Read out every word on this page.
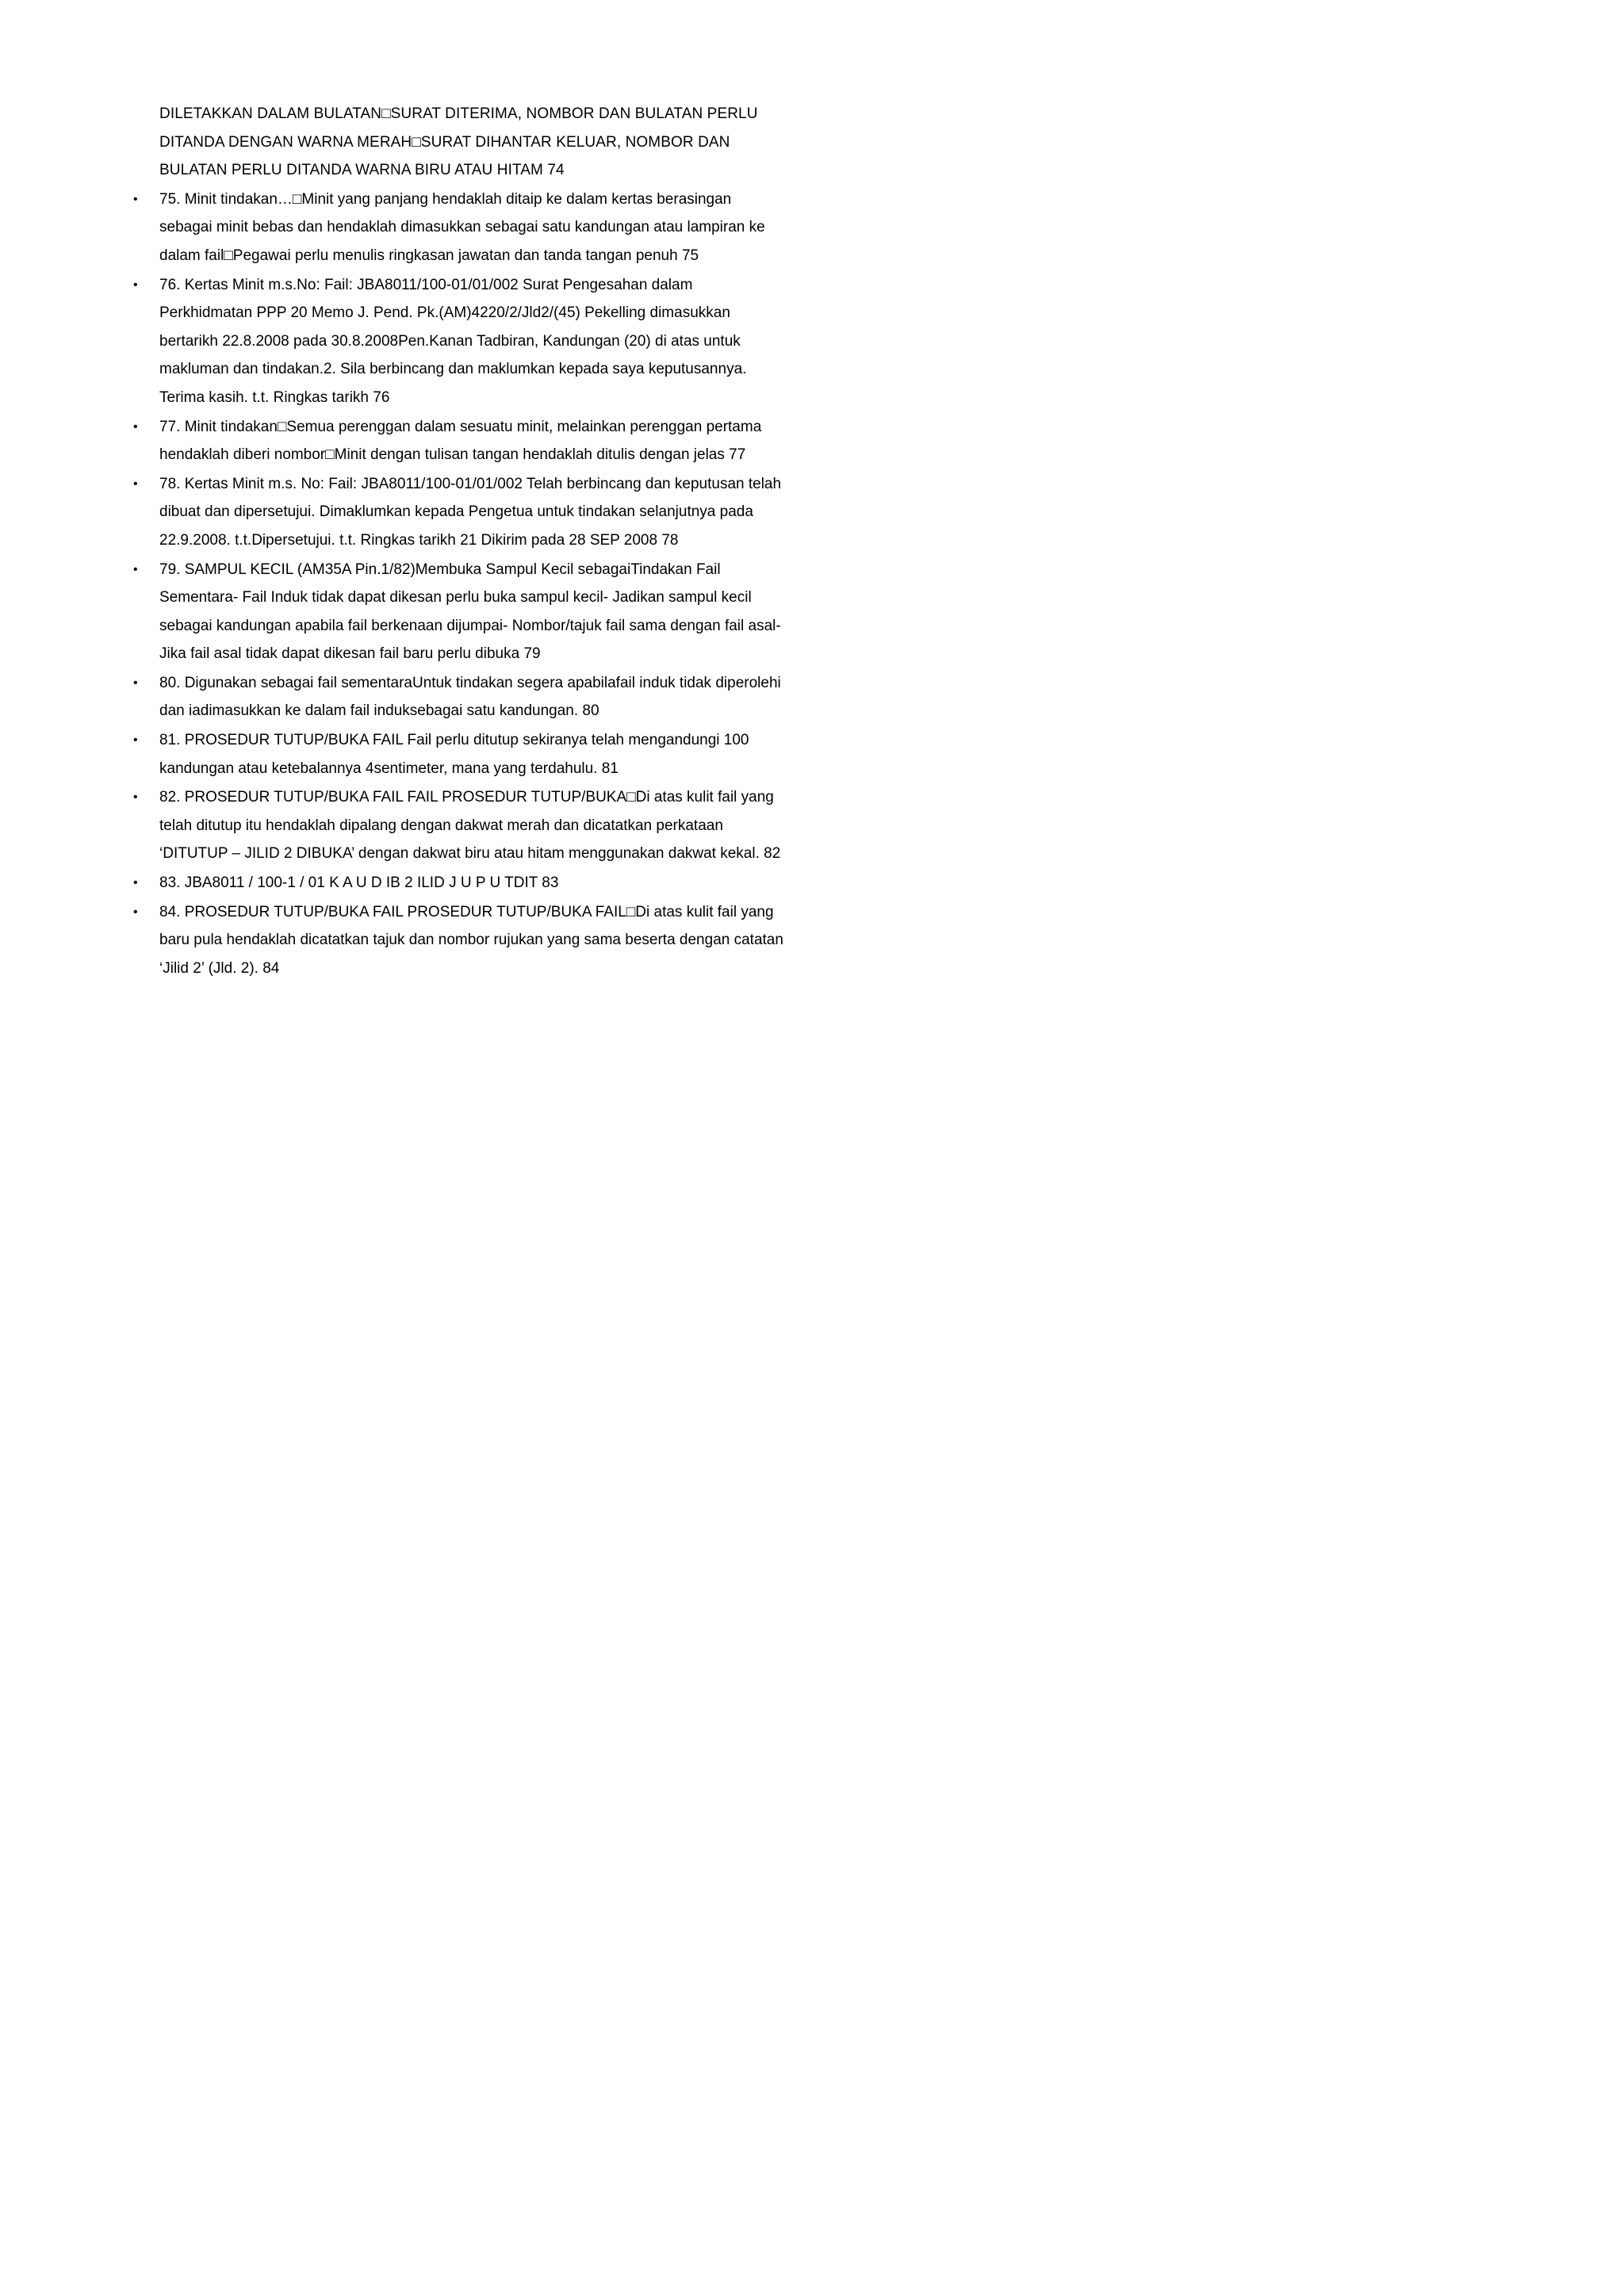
DILETAKKAN DALAM BULATAN□SURAT DITERIMA, NOMBOR DAN BULATAN PERLU DITANDA DENGAN WARNA MERAH□SURAT DIHANTAR KELUAR, NOMBOR DAN BULATAN PERLU DITANDA WARNA BIRU ATAU HITAM 74

• 75. Minit tindakan…□Minit yang panjang hendaklah ditaip ke dalam kertas berasingan sebagai minit bebas dan hendaklah dimasukkan sebagai satu kandungan atau lampiran ke dalam fail□Pegawai perlu menulis ringkasan jawatan dan tanda tangan penuh 75
• 76. Kertas Minit m.s.No: Fail: JBA8011/100-01/01/002 Surat Pengesahan dalam Perkhidmatan PPP 20 Memo J. Pend. Pk.(AM)4220/2/Jld2/(45) Pekelling dimasukkan bertarikh 22.8.2008 pada 30.8.2008Pen.Kanan Tadbiran, Kandungan (20) di atas untuk makluman dan tindakan.2. Sila berbincang dan maklumkan kepada saya keputusannya. Terima kasih. t.t. Ringkas tarikh 76
• 77. Minit tindakan□Semua perenggan dalam sesuatu minit, melainkan perenggan pertama hendaklah diberi nombor□Minit dengan tulisan tangan hendaklah ditulis dengan jelas 77
• 78. Kertas Minit m.s. No: Fail: JBA8011/100-01/01/002 Telah berbincang dan keputusan telah dibuat dan dipersetujui. Dimaklumkan kepada Pengetua untuk tindakan selanjutnya pada 22.9.2008. t.t.Dipersetujui. t.t. Ringkas tarikh 21 Dikirim pada 28 SEP 2008 78
• 79. SAMPUL KECIL (AM35A Pin.1/82)Membuka Sampul Kecil sebagaiTindakan Fail Sementara- Fail Induk tidak dapat dikesan perlu buka sampul kecil- Jadikan sampul kecil sebagai kandungan apabila fail berkenaan dijumpai- Nombor/tajuk fail sama dengan fail asal- Jika fail asal tidak dapat dikesan fail baru perlu dibuka 79
• 80. Digunakan sebagai fail sementaraUntuk tindakan segera apabilafail induk tidak diperolehi dan iadimasukkan ke dalam fail induksebagai satu kandungan. 80
• 81. PROSEDUR TUTUP/BUKA FAIL Fail perlu ditutup sekiranya telah mengandungi 100 kandungan atau ketebalannya 4sentimeter, mana yang terdahulu. 81
• 82. PROSEDUR TUTUP/BUKA FAIL FAIL PROSEDUR TUTUP/BUKA□Di atas kulit fail yang telah ditutup itu hendaklah dipalang dengan dakwat merah dan dicatatkan perkataan ‘DITUTUP – JILID 2 DIBUKA’ dengan dakwat biru atau hitam menggunakan dakwat kekal. 82
• 83. JBA8011 / 100-1 / 01 K A U D IB 2 ILID J U P U TDIT 83
• 84. PROSEDUR TUTUP/BUKA FAIL PROSEDUR TUTUP/BUKA FAIL□Di atas kulit fail yang baru pula hendaklah dicatatkan tajuk dan nombor rujukan yang sama beserta dengan catatan ‘Jilid 2’ (Jld. 2). 84
